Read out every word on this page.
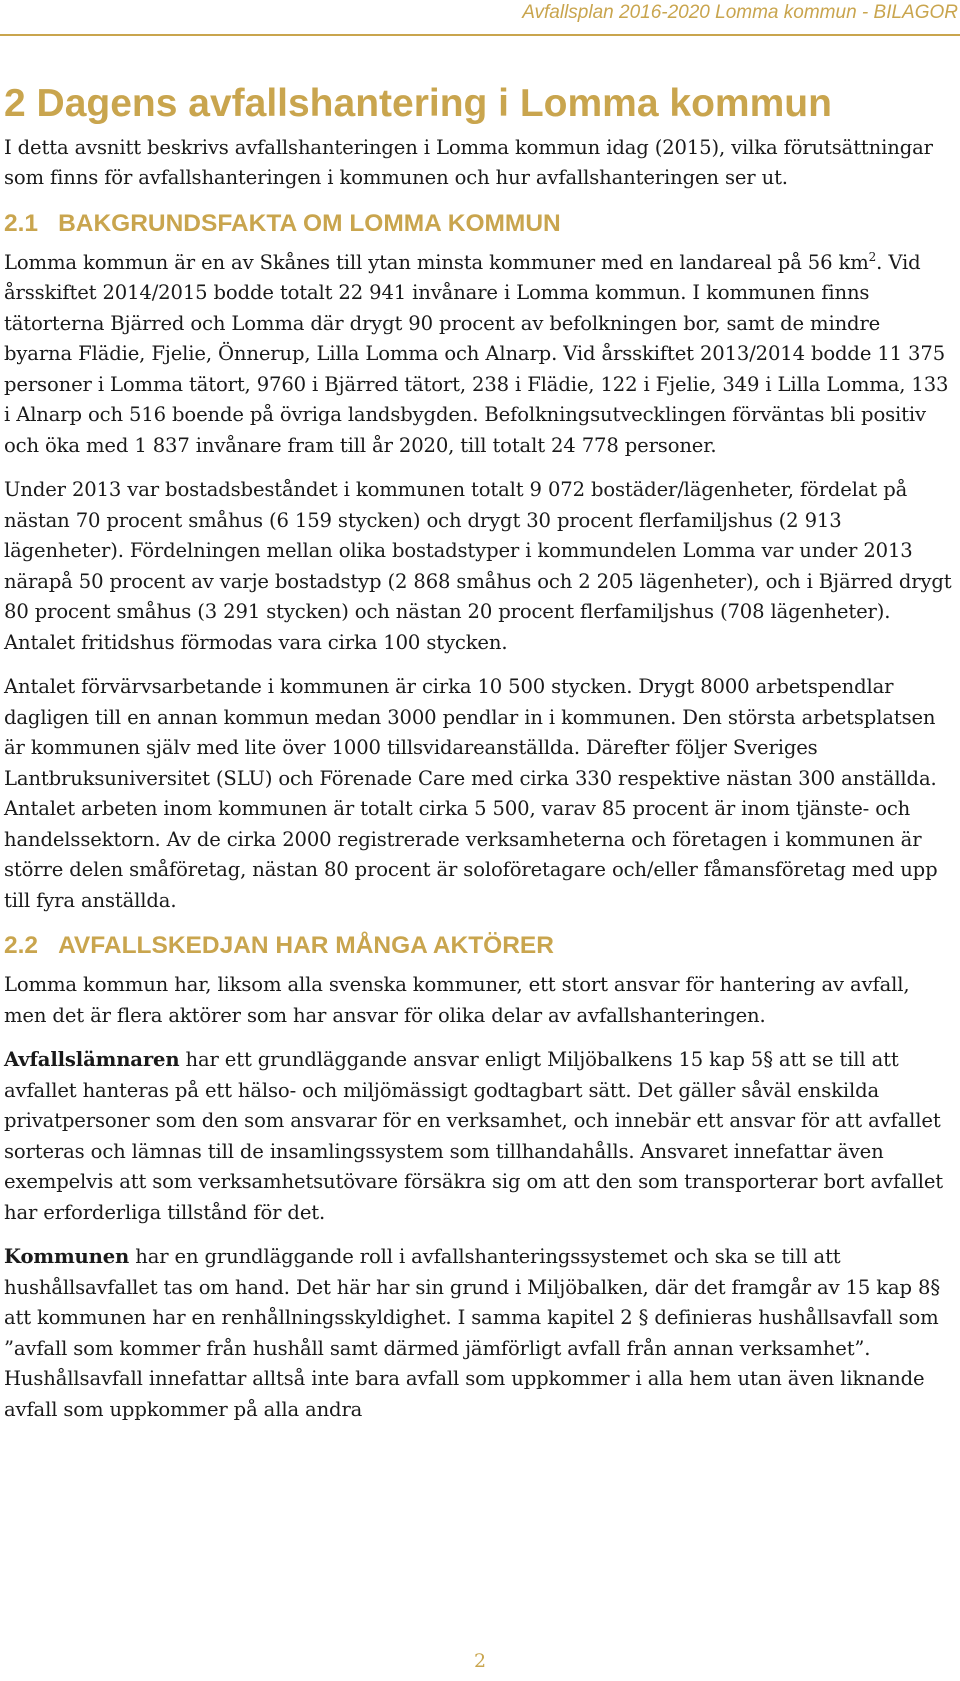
Avfallsplan 2016-2020 Lomma kommun - BILAGOR
2 Dagens avfallshantering i Lomma kommun

I detta avsnitt beskrivs avfallshanteringen i Lomma kommun idag (2015), vilka förutsättningar som finns för avfallshanteringen i kommunen och hur avfallshanteringen ser ut.

2.1 BAKGRUNDSFAKTA OM LOMMA KOMMUN

Lomma kommun är en av Skånes till ytan minsta kommuner med en landareal på 56 $km^2$. Vid årsskiftet 2014/2015 bodde totalt 22 941 invånare i Lomma kommun. I kommunen finns tätorterna Bjärred och Lomma där drygt 90 procent av befolkningen bor, samt de mindre byarna Flädie, Fjelie, Önnerup, Lilla Lomma och Alnarp. Vid årsskiftet 2013/2014 bodde 11 375 personer i Lomma tätort, 9760 i Bjärred tätort, 238 i Flädie, 122 i Fjelie, 349 i Lilla Lomma, 133 i Alnarp och 516 boende på övriga landsbygden. Befolkningsutvecklingen förväntas bli positiv och öka med 1 837 invånare fram till år 2020, till totalt 24 778 personer.

Under 2013 var bostadsbeståndet i kommunen totalt 9 072 bostäder/lägenheter, fördelat på nästan 70 procent småhus (6 159 stycken) och drygt 30 procent flerfamiljshus (2 913 lägenheter). Fördelningen mellan olika bostadstyper i kommundelen Lomma var under 2013 närapå 50 procent av varje bostadstyp (2 868 småhus och 2 205 lägenheter), och i Bjärred drygt 80 procent småhus (3 291 stycken) och nästan 20 procent flerfamiljshus (708 lägenheter). Antalet fritidshus förmodas vara cirka 100 stycken.

Antalet förvärvsarbetande i kommunen är cirka 10 500 stycken. Drygt 8000 arbetspendlar dagligen till en annan kommun medan 3000 pendlar in i kommunen. Den största arbetsplatsen är kommunen själv med lite över 1000 tillsvidareanställda. Därefter följer Sveriges Lantbruksuniversitet (SLU) och Förenade Care med cirka 330 respektive nästan 300 anställda. Antalet arbeten inom kommunen är totalt cirka 5 500, varav 85 procent är inom tjänste- och handelssektorn. Av de cirka 2000 registrerade verksamheterna och företagen i kommunen är större delen småföretag, nästan 80 procent är soloföretagare och/eller fåmansföretag med upp till fyra anställda.

2.2 AVFALLSKEDJAN HAR MÅNGA AKTÖRER

Lomma kommun har, liksom alla svenska kommuner, ett stort ansvar för hantering av avfall, men det är flera aktörer som har ansvar för olika delar av avfallshanteringen.

Avfallslämnaren har ett grundläggande ansvar enligt Miljöbalkens 15 kap 5§ att se till att avfallet hanteras på ett hälso- och miljömässigt godtagbart sätt. Det gäller såväl enskilda privatpersoner som den som ansvarar för en verksamhet, och innebär ett ansvar för att avfallet sorteras och lämnas till de insamlingssystem som tillhandahålls. Ansvaret innefattar även exempelvis att som verksamhetsutövare försäkra sig om att den som transporterar bort avfallet har erforderliga tillstånd för det.

Kommunen har en grundläggande roll i avfallshanteringssystemet och ska se till att hushållsavfallet tas om hand. Det här har sin grund i Miljöbalken, där det framgår av 15 kap 8§ att kommunen har en renhållningsskyldighet. I samma kapitel 2 § definieras hushållsavfall som ”avfall som kommer från hushåll samt därmed jämförligt avfall från annan verksamhet”. Hushållsavfall innefattar alltså inte bara avfall som uppkommer i alla hem utan även liknande avfall som uppkommer på alla andra

2
